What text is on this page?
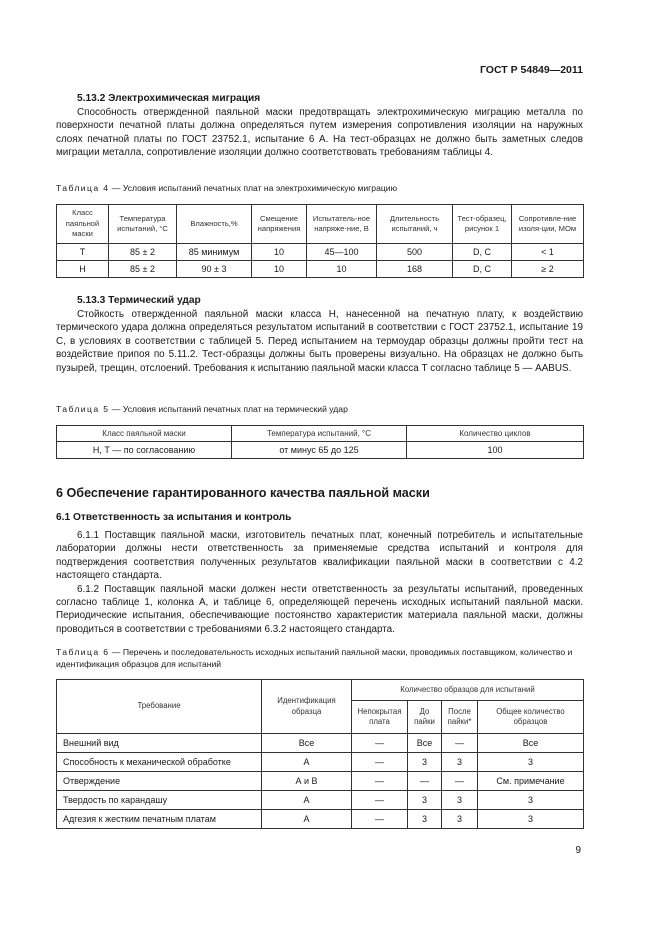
ГОСТ Р 54849—2011
5.13.2 Электрохимическая миграция

Способность отвержденной паяльной маски предотвращать электрохимическую миграцию металла по поверхности печатной платы должна определяться путем измерения сопротивления изоляции на наружных слоях печатной платы по ГОСТ 23752.1, испытание 6 А. На тест-образцах не должно быть заметных следов миграции металла, сопротивление изоляции должно соответствовать требованиям таблицы 4.

Таблица 4 — Условия испытаний печатных плат на электрохимическую миграцию
Класс паяльной маски	Температура испытаний, °С	Влажность,%	Смещение напряжения	Испытатель-ное напряже-ние, В	Длительность испытаний, ч	Тест-образец, рисунок 1	Сопротивле-ние изоля-ции, МОм
Т	85 ± 2	85 минимум	10	45—100	500	D, C	< 1
Н	85 ± 2	90 ± 3	10	10	168	D, C	≥ 2
5.13.3 Термический удар

Стойкость отвержденной паяльной маски класса Н, нанесенной на печатную плату, к воздействию термического удара должна определяться результатом испытаний в соответствии с ГОСТ 23752.1, испытание 19 С, в условиях в соответствии с таблицей 5. Перед испытанием на термоудар образцы должны пройти тест на воздействие припоя по 5.11.2. Тест-образцы должны быть проверены визуально. На образцах не должно быть пузырей, трещин, отслоений. Требования к испытанию паяльной маски класса Т согласно таблице 5 — AABUS.

Таблица 5 — Условия испытаний печатных плат на термический удар
Класс паяльной маски	Температура испытаний, °С	Количество циклов
Н, Т — по согласованию	от минус 65 до 125	100
6 Обеспечение гарантированного качества паяльной маски
6.1 Ответственность за испытания и контроль

6.1.1 Поставщик паяльной маски, изготовитель печатных плат, конечный потребитель и испытательные лаборатории должны нести ответственность за применяемые средства испытаний и контроля для подтверждения соответствия полученных результатов квалификации паяльной маски в соответствии с 4.2 настоящего стандарта.

6.1.2 Поставщик паяльной маски должен нести ответственность за результаты испытаний, проведенных согласно таблице 1, колонка А, и таблице 6, определяющей перечень исходных испытаний паяльной маски. Периодические испытания, обеспечивающие постоянство характеристик материала паяльной маски, должны проводиться в соответствии с требованиями 6.3.2 настоящего стандарта.

Таблица 6 — Перечень и последовательность исходных испытаний паяльной маски, проводимых поставщиком, количество и идентификация образцов для испытаний
Требование	Идентификация образца	Количество образцов для испытаний			
		Непокрытая плата	До пайки	После пайки*	Общее количество образцов
Внешний вид	Все	—	Все	—	Все
Способность к механической обработке	А	—	3	3	3
Отверждение	А и В	—	—	—	См. примечание
Твердость по карандашу	А	—	3	3	3
Адгезия к жестким печатным платам	А	—	3	3	3
9
